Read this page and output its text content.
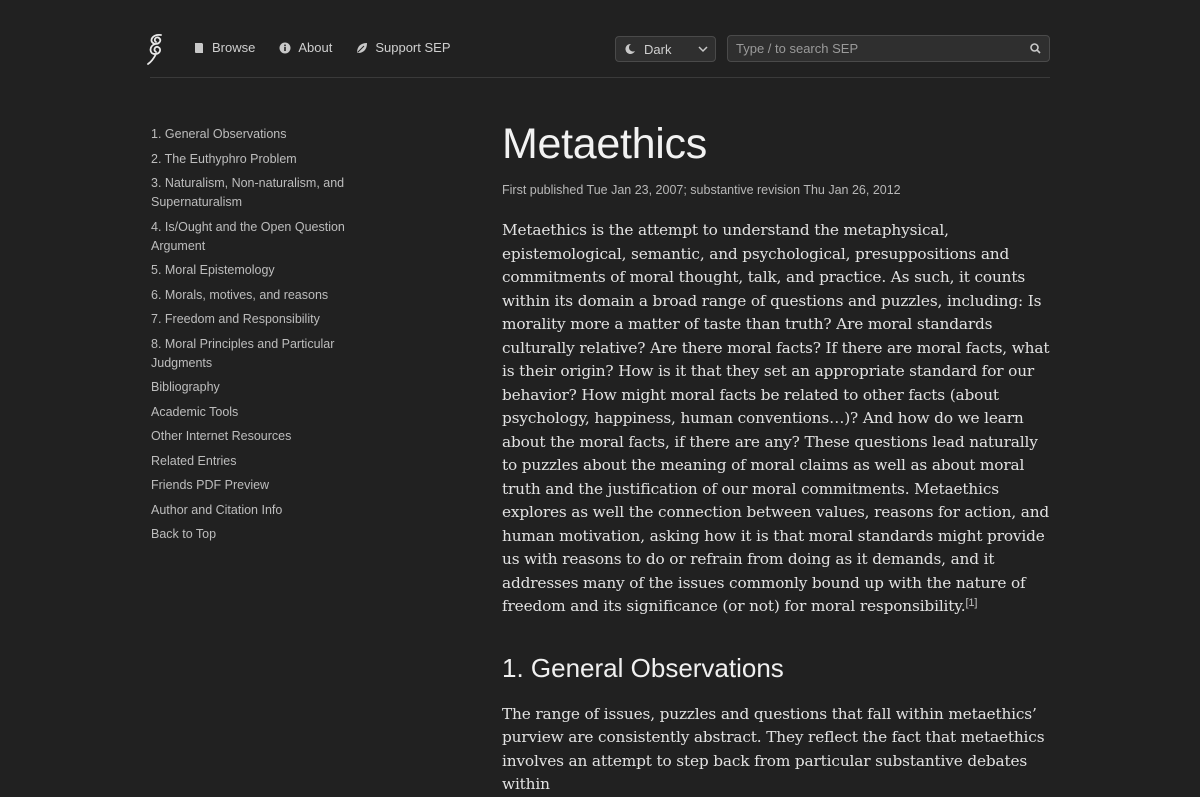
Browse	About	Support SEP	Dark
Type / to search SEP
1. General Observations
2. The Euthyphro Problem
3. Naturalism, Non-naturalism, and Supernaturalism
4. Is/Ought and the Open Question Argument
5. Moral Epistemology
6. Morals, motives, and reasons
7. Freedom and Responsibility
8. Moral Principles and Particular Judgments
Bibliography
Academic Tools
Other Internet Resources
Related Entries
Friends PDF Preview
Author and Citation Info
Back to Top
Metaethics
First published Tue Jan 23, 2007; substantive revision Thu Jan 26, 2012

Metaethics is the attempt to understand the metaphysical, epistemological, semantic, and psychological, presuppositions and commitments of moral thought, talk, and practice. As such, it counts within its domain a broad range of questions and puzzles, including: Is morality more a matter of taste than truth? Are moral standards culturally relative? Are there moral facts? If there are moral facts, what is their origin? How is it that they set an appropriate standard for our behavior? How might moral facts be related to other facts (about psychology, happiness, human conventions…)? And how do we learn about the moral facts, if there are any? These questions lead naturally to puzzles about the meaning of moral claims as well as about moral truth and the justification of our moral commitments. Metaethics explores as well the connection between values, reasons for action, and human motivation, asking how it is that moral standards might provide us with reasons to do or refrain from doing as it demands, and it addresses many of the issues commonly bound up with the nature of freedom and its significance (or not) for moral responsibility.[1]

1. General Observations

The range of issues, puzzles and questions that fall within metaethics’ purview are consistently abstract. They reflect the fact that metaethics involves an attempt to step back from particular substantive debates within
